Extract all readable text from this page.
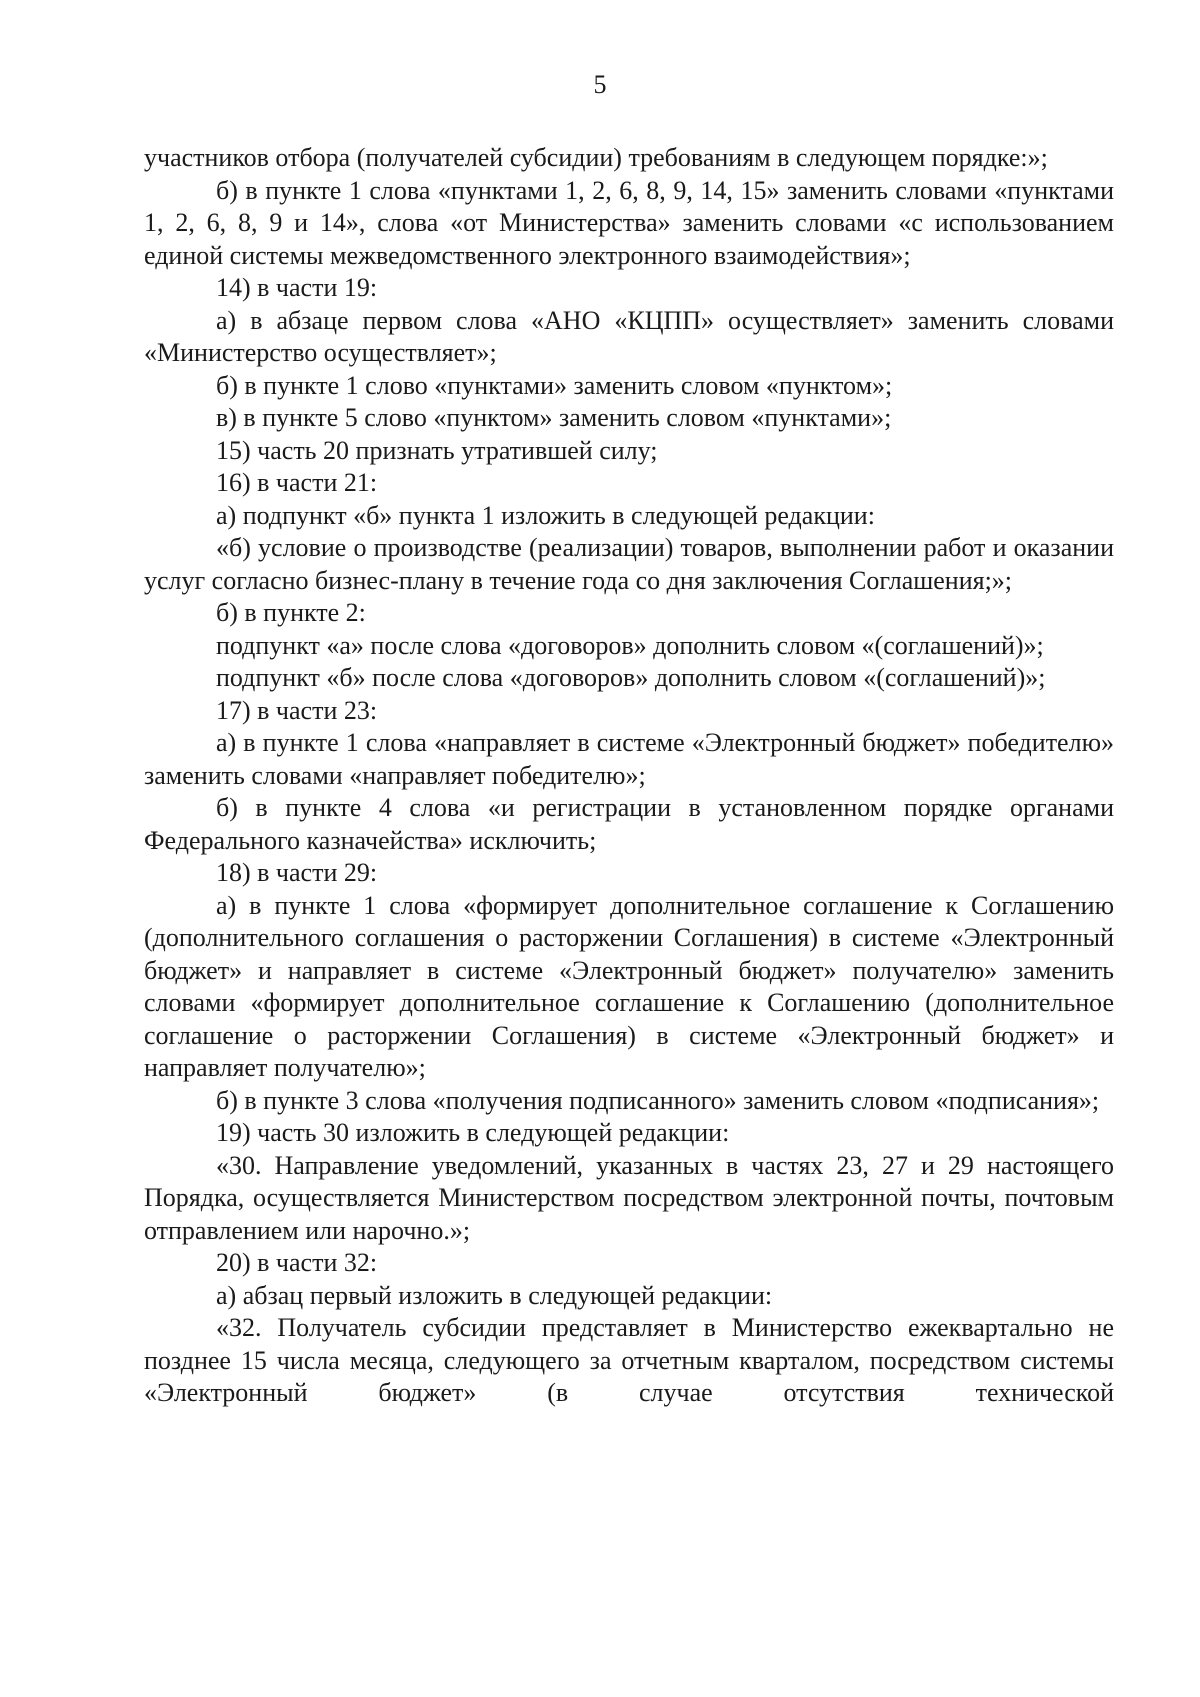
5

участников отбора (получателей субсидии) требованиям в следующем порядке:»;

б) в пункте 1 слова «пунктами 1, 2, 6, 8, 9, 14, 15» заменить словами «пунктами 1, 2, 6, 8, 9 и 14», слова «от Министерства» заменить словами «с использованием единой системы межведомственного электронного взаимодействия»;

14) в части 19:

а) в абзаце первом слова «АНО «КЦПП» осуществляет» заменить словами «Министерство осуществляет»;

б) в пункте 1 слово «пунктами» заменить словом «пунктом»;

в) в пункте 5 слово «пунктом» заменить словом «пунктами»;

15) часть 20 признать утратившей силу;

16) в части 21:

а) подпункт «б» пункта 1 изложить в следующей редакции:

«б) условие о производстве (реализации) товаров, выполнении работ и оказании услуг согласно бизнес-плану в течение года со дня заключения Соглашения;»;

б) в пункте 2:

подпункт «а» после слова «договоров» дополнить словом «(соглашений)»;

подпункт «б» после слова «договоров» дополнить словом «(соглашений)»;

17) в части 23:

а) в пункте 1 слова «направляет в системе «Электронный бюджет» победителю» заменить словами «направляет победителю»;

б) в пункте 4 слова «и регистрации в установленном порядке органами Федерального казначейства» исключить;

18) в части 29:

а) в пункте 1 слова «формирует дополнительное соглашение к Соглашению (дополнительного соглашения о расторжении Соглашения) в системе «Электронный бюджет» и направляет в системе «Электронный бюджет» получателю» заменить словами «формирует дополнительное соглашение к Соглашению (дополнительное соглашение о расторжении Соглашения) в системе «Электронный бюджет» и направляет получателю»;

б) в пункте 3 слова «получения подписанного» заменить словом «подписания»;

19) часть 30 изложить в следующей редакции:

«30. Направление уведомлений, указанных в частях 23, 27 и 29 настоящего Порядка, осуществляется Министерством посредством электронной почты, почтовым отправлением или нарочно.»;

20) в части 32:

а) абзац первый изложить в следующей редакции:

«32. Получатель субсидии представляет в Министерство ежеквартально не позднее 15 числа месяца, следующего за отчетным кварталом, посредством системы «Электронный бюджет» (в случае отсутствия технической
